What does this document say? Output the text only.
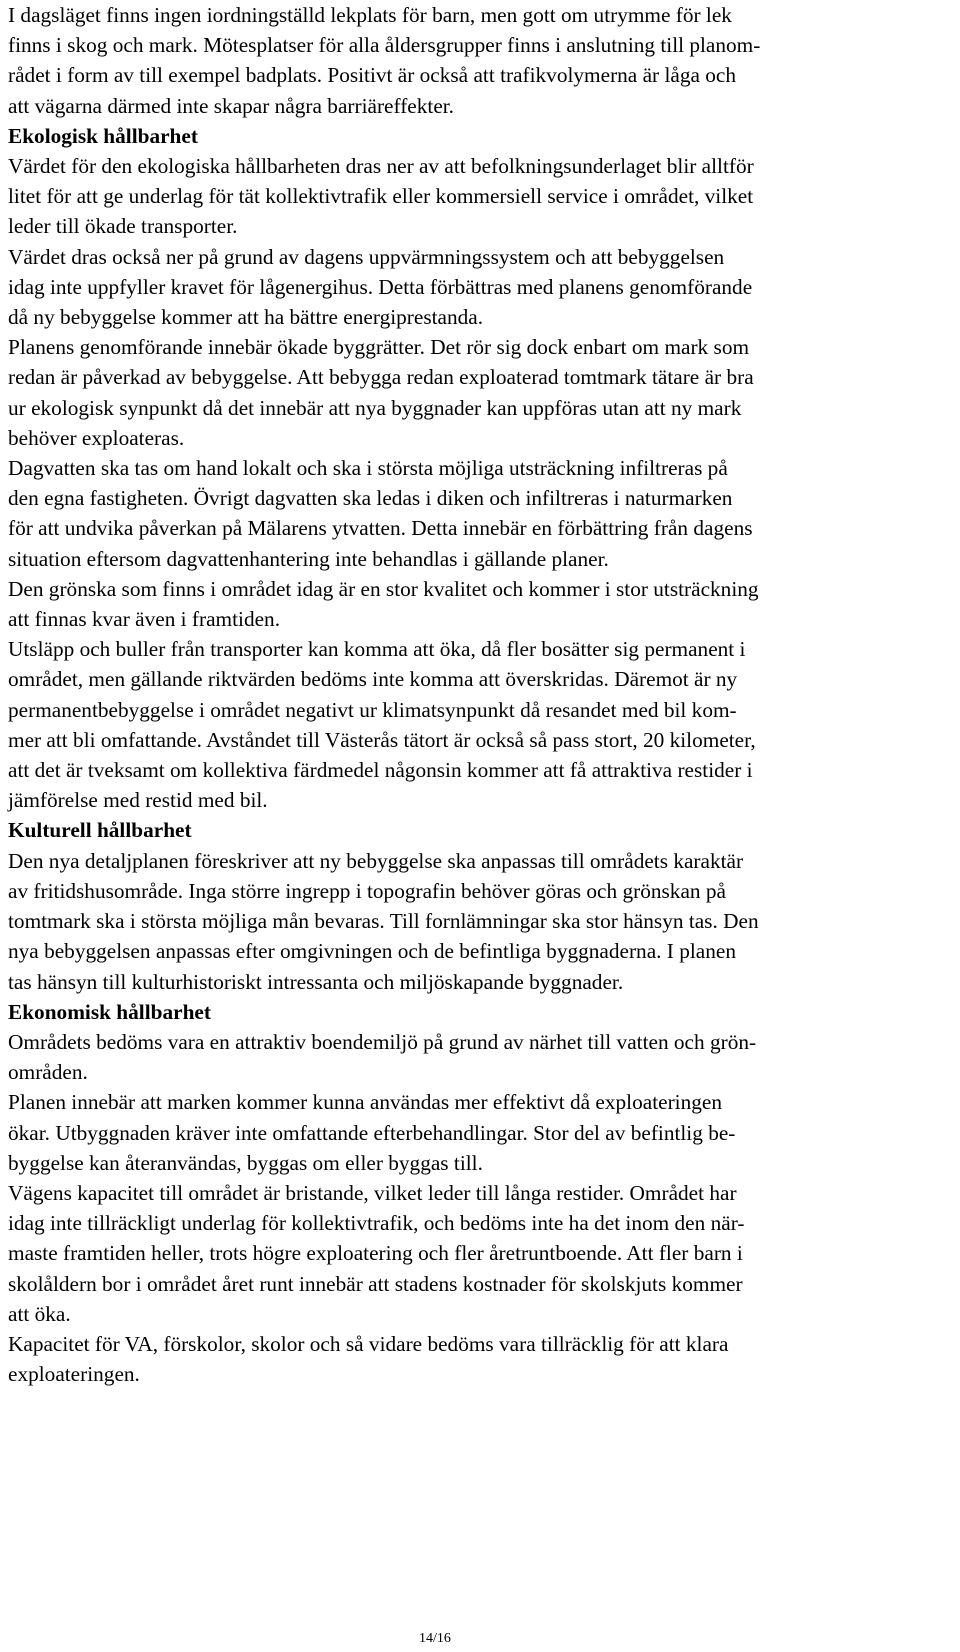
I dagsläget finns ingen iordningställd lekplats för barn, men gott om utrymme för lek
finns i skog och mark. Mötesplatser för alla åldersgrupper finns i anslutning till planom-
rådet i form av till exempel badplats. Positivt är också att trafikvolymerna är låga och
att vägarna därmed inte skapar några barriäreffekter.

Ekologisk hållbarhet

Värdet för den ekologiska hållbarheten dras ner av att befolkningsunderlaget blir alltför
litet för att ge underlag för tät kollektivtrafik eller kommersiell service i området, vilket
leder till ökade transporter.

Värdet dras också ner på grund av dagens uppvärmningssystem och att bebyggelsen
idag inte uppfyller kravet för lågenergihus. Detta förbättras med planens genomförande
då ny bebyggelse kommer att ha bättre energiprestanda.

Planens genomförande innebär ökade byggrätter. Det rör sig dock enbart om mark som
redan är påverkad av bebyggelse. Att bebygga redan exploaterad tomtmark tätare är bra
ur ekologisk synpunkt då det innebär att nya byggnader kan uppföras utan att ny mark
behöver exploateras.

Dagvatten ska tas om hand lokalt och ska i största möjliga utsträckning infiltreras på
den egna fastigheten. Övrigt dagvatten ska ledas i diken och infiltreras i naturmarken
för att undvika påverkan på Mälarens ytvatten. Detta innebär en förbättring från dagens
situation eftersom dagvattenhantering inte behandlas i gällande planer.

Den grönska som finns i området idag är en stor kvalitet och kommer i stor utsträckning
att finnas kvar även i framtiden.

Utsläpp och buller från transporter kan komma att öka, då fler bosätter sig permanent i
området, men gällande riktvärden bedöms inte komma att överskridas. Däremot är ny
permanentbebyggelse i området negativt ur klimatsynpunkt då resandet med bil kom-
mer att bli omfattande. Avståndet till Västerås tätort är också så pass stort, 20 kilometer,
att det är tveksamt om kollektiva färdmedel någonsin kommer att få attraktiva restider i
jämförelse med restid med bil.

Kulturell hållbarhet

Den nya detaljplanen föreskriver att ny bebyggelse ska anpassas till områdets karaktär
av fritidshusområde. Inga större ingrepp i topografin behöver göras och grönskan på
tomtmark ska i största möjliga mån bevaras. Till fornlämningar ska stor hänsyn tas. Den
nya bebyggelsen anpassas efter omgivningen och de befintliga byggnaderna. I planen
tas hänsyn till kulturhistoriskt intressanta och miljöskapande byggnader.

Ekonomisk hållbarhet

Områdets bedöms vara en attraktiv boendemiljö på grund av närhet till vatten och grön-
områden.

Planen innebär att marken kommer kunna användas mer effektivt då exploateringen
ökar. Utbyggnaden kräver inte omfattande efterbehandlingar. Stor del av befintlig be-
byggelse kan återanvändas, byggas om eller byggas till.

Vägens kapacitet till området är bristande, vilket leder till långa restider. Området har
idag inte tillräckligt underlag för kollektivtrafik, och bedöms inte ha det inom den när-
maste framtiden heller, trots högre exploatering och fler åretruntboende. Att fler barn i
skolåldern bor i området året runt innebär att stadens kostnader för skolskjuts kommer
att öka.

Kapacitet för VA, förskolor, skolor och så vidare bedöms vara tillräcklig för att klara
exploateringen.

14/16
